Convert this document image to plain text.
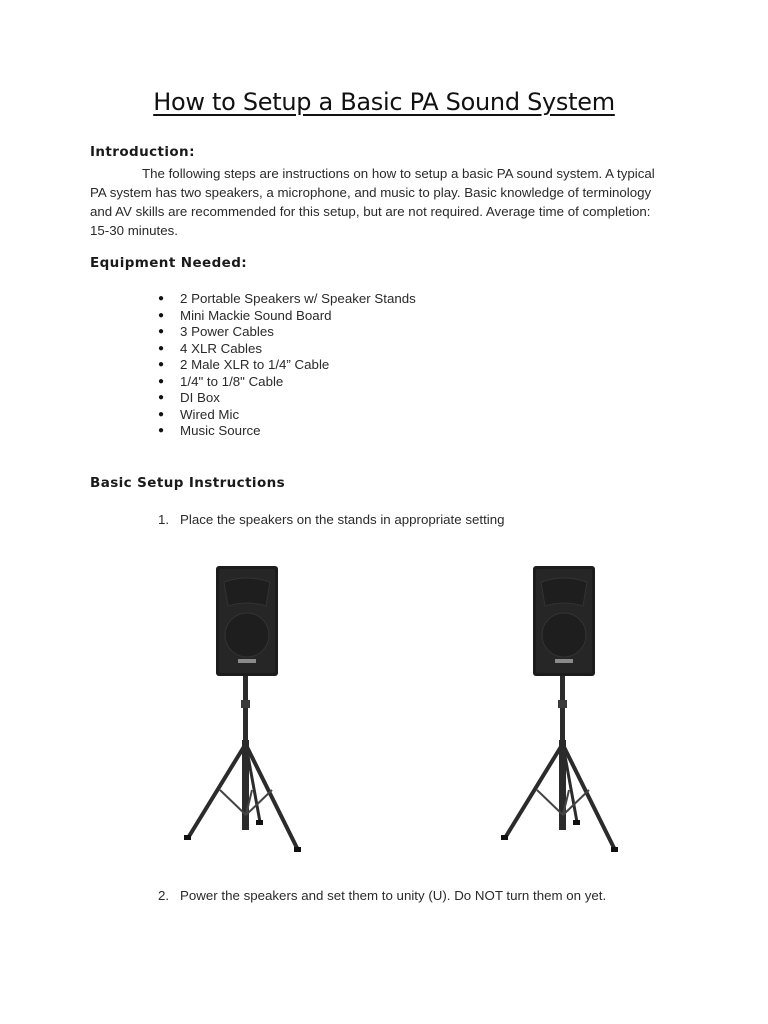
How to Setup a Basic PA Sound System
Introduction:
The following steps are instructions on how to setup a basic PA sound system. A typical
PA system has two speakers, a microphone, and music to play. Basic knowledge of terminology
and AV skills are recommended for this setup, but are not required. Average time of completion:
15-30 minutes.
Equipment Needed:
● 2 Portable Speakers w/ Speaker Stands
● Mini Mackie Sound Board
● 3 Power Cables
● 4 XLR Cables
● 2 Male XLR to 1/4” Cable
● 1/4" to 1/8" Cable
● DI Box
● Wired Mic
● Music Source
Basic Setup Instructions
1. Place the speakers on the stands in appropriate setting
2. Power the speakers and set them to unity (U). Do NOT turn them on yet.
